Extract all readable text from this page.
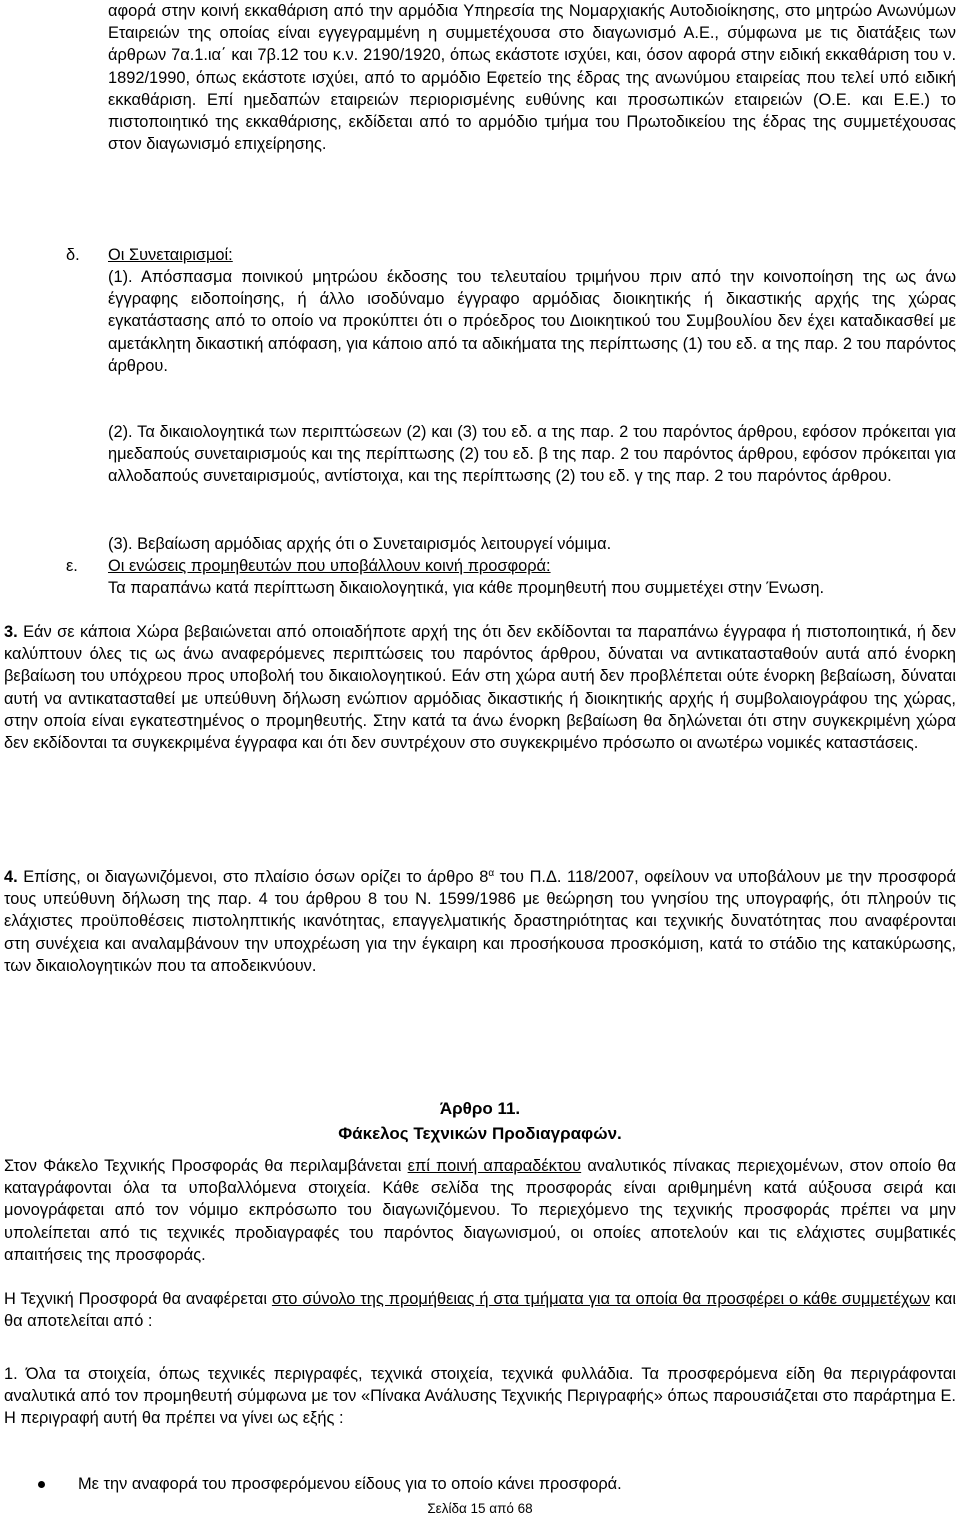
αφορά στην κοινή εκκαθάριση από την αρμόδια Υπηρεσία της Νομαρχιακής Αυτοδιοίκησης, στο μητρώο Ανωνύμων Εταιρειών της οποίας είναι εγγεγραμμένη η συμμετέχουσα στο διαγωνισμό Α.Ε., σύμφωνα με τις διατάξεις των άρθρων 7α.1.ια΄ και 7β.12 του κ.ν. 2190/1920, όπως εκάστοτε ισχύει, και, όσον αφορά στην ειδική εκκαθάριση του ν. 1892/1990, όπως εκάστοτε ισχύει, από το αρμόδιο Εφετείο της έδρας της ανωνύμου εταιρείας που τελεί υπό ειδική εκκαθάριση. Επί ημεδαπών εταιρειών περιορισμένης ευθύνης και προσωπικών εταιρειών (Ο.Ε. και Ε.Ε.) το πιστοποιητικό της εκκαθάρισης, εκδίδεται από το αρμόδιο τμήμα του Πρωτοδικείου της έδρας της συμμετέχουσας στον διαγωνισμό επιχείρησης.

δ. Οι Συνεταιρισμοί:

(1). Απόσπασμα ποινικού μητρώου έκδοσης του τελευταίου τριμήνου πριν από την κοινοποίηση της ως άνω έγγραφης ειδοποίησης, ή άλλο ισοδύναμο έγγραφο αρμόδιας διοικητικής ή δικαστικής αρχής της χώρας εγκατάστασης από το οποίο να προκύπτει ότι ο πρόεδρος του Διοικητικού του Συμβουλίου δεν έχει καταδικασθεί με αμετάκλητη δικαστική απόφαση, για κάποιο από τα αδικήματα της περίπτωσης (1) του εδ. α της παρ. 2 του παρόντος άρθρου.

(2). Τα δικαιολογητικά των περιπτώσεων (2) και (3) του εδ. α της παρ. 2 του παρόντος άρθρου, εφόσον πρόκειται για ημεδαπούς συνεταιρισμούς και της περίπτωσης (2) του εδ. β της παρ. 2 του παρόντος άρθρου, εφόσον πρόκειται για αλλοδαπούς συνεταιρισμούς, αντίστοιχα, και της περίπτωσης (2) του εδ. γ της παρ. 2 του παρόντος άρθρου.

(3). Βεβαίωση αρμόδιας αρχής ότι ο Συνεταιρισμός λειτουργεί νόμιμα.

ε. Οι ενώσεις προμηθευτών που υποβάλλουν κοινή προσφορά:

Τα παραπάνω κατά περίπτωση δικαιολογητικά, για κάθε προμηθευτή που συμμετέχει στην Ένωση.

3. Εάν σε κάποια Χώρα βεβαιώνεται από οποιαδήποτε αρχή της ότι δεν εκδίδονται τα παραπάνω έγγραφα ή πιστοποιητικά, ή δεν καλύπτουν όλες τις ως άνω αναφερόμενες περιπτώσεις του παρόντος άρθρου, δύναται να αντικατασταθούν αυτά από ένορκη βεβαίωση του υπόχρεου προς υποβολή του δικαιολογητικού. Εάν στη χώρα αυτή δεν προβλέπεται ούτε ένορκη βεβαίωση, δύναται αυτή να αντικατασταθεί με υπεύθυνη δήλωση ενώπιον αρμόδιας δικαστικής ή διοικητικής αρχής ή συμβολαιογράφου της χώρας, στην οποία είναι εγκατεστημένος ο προμηθευτής. Στην κατά τα άνω ένορκη βεβαίωση θα δηλώνεται ότι στην συγκεκριμένη χώρα δεν εκδίδονται τα συγκεκριμένα έγγραφα και ότι δεν συντρέχουν στο συγκεκριμένο πρόσωπο οι ανωτέρω νομικές καταστάσεις.

4. Επίσης, οι διαγωνιζόμενοι, στο πλαίσιο όσων ορίζει το άρθρο $8^\alpha$ του Π.Δ. 118/2007, οφείλουν να υποβάλουν με την προσφορά τους υπεύθυνη δήλωση της παρ. 4 του άρθρου 8 του Ν. 1599/1986 με θεώρηση του γνησίου της υπογραφής, ότι πληρούν τις ελάχιστες προϋποθέσεις πιστοληπτικής ικανότητας, επαγγελματικής δραστηριότητας και τεχνικής δυνατότητας που αναφέρονται στη συνέχεια και αναλαμβάνουν την υποχρέωση για την έγκαιρη και προσήκουσα προσκόμιση, κατά το στάδιο της κατακύρωσης, των δικαιολογητικών που τα αποδεικνύουν.

Άρθρο 11.
Φάκελος Τεχνικών Προδιαγραφών.

Στον Φάκελο Τεχνικής Προσφοράς θα περιλαμβάνεται επί ποινή απαραδέκτου αναλυτικός πίνακας περιεχομένων, στον οποίο θα καταγράφονται όλα τα υποβαλλόμενα στοιχεία. Κάθε σελίδα της προσφοράς είναι αριθμημένη κατά αύξουσα σειρά και μονογράφεται από τον νόμιμο εκπρόσωπο του διαγωνιζόμενου. Το περιεχόμενο της τεχνικής προσφοράς πρέπει να μην υπολείπεται από τις τεχνικές προδιαγραφές του παρόντος διαγωνισμού, οι οποίες αποτελούν και τις ελάχιστες συμβατικές απαιτήσεις της προσφοράς.

Η Τεχνική Προσφορά θα αναφέρεται στο σύνολο της προμήθειας ή στα τμήματα για τα οποία θα προσφέρει ο κάθε συμμετέχων και θα αποτελείται από :

1. Όλα τα στοιχεία, όπως τεχνικές περιγραφές, τεχνικά στοιχεία, τεχνικά φυλλάδια. Τα προσφερόμενα είδη θα περιγράφονται αναλυτικά από τον προμηθευτή σύμφωνα με τον «Πίνακα Ανάλυσης Τεχνικής Περιγραφής» όπως παρουσιάζεται στο παράρτημα Ε. Η περιγραφή αυτή θα πρέπει να γίνει ως εξής :

Με την αναφορά του προσφερόμενου είδους για το οποίο κάνει προσφορά.
Σελίδα 15 από 68
